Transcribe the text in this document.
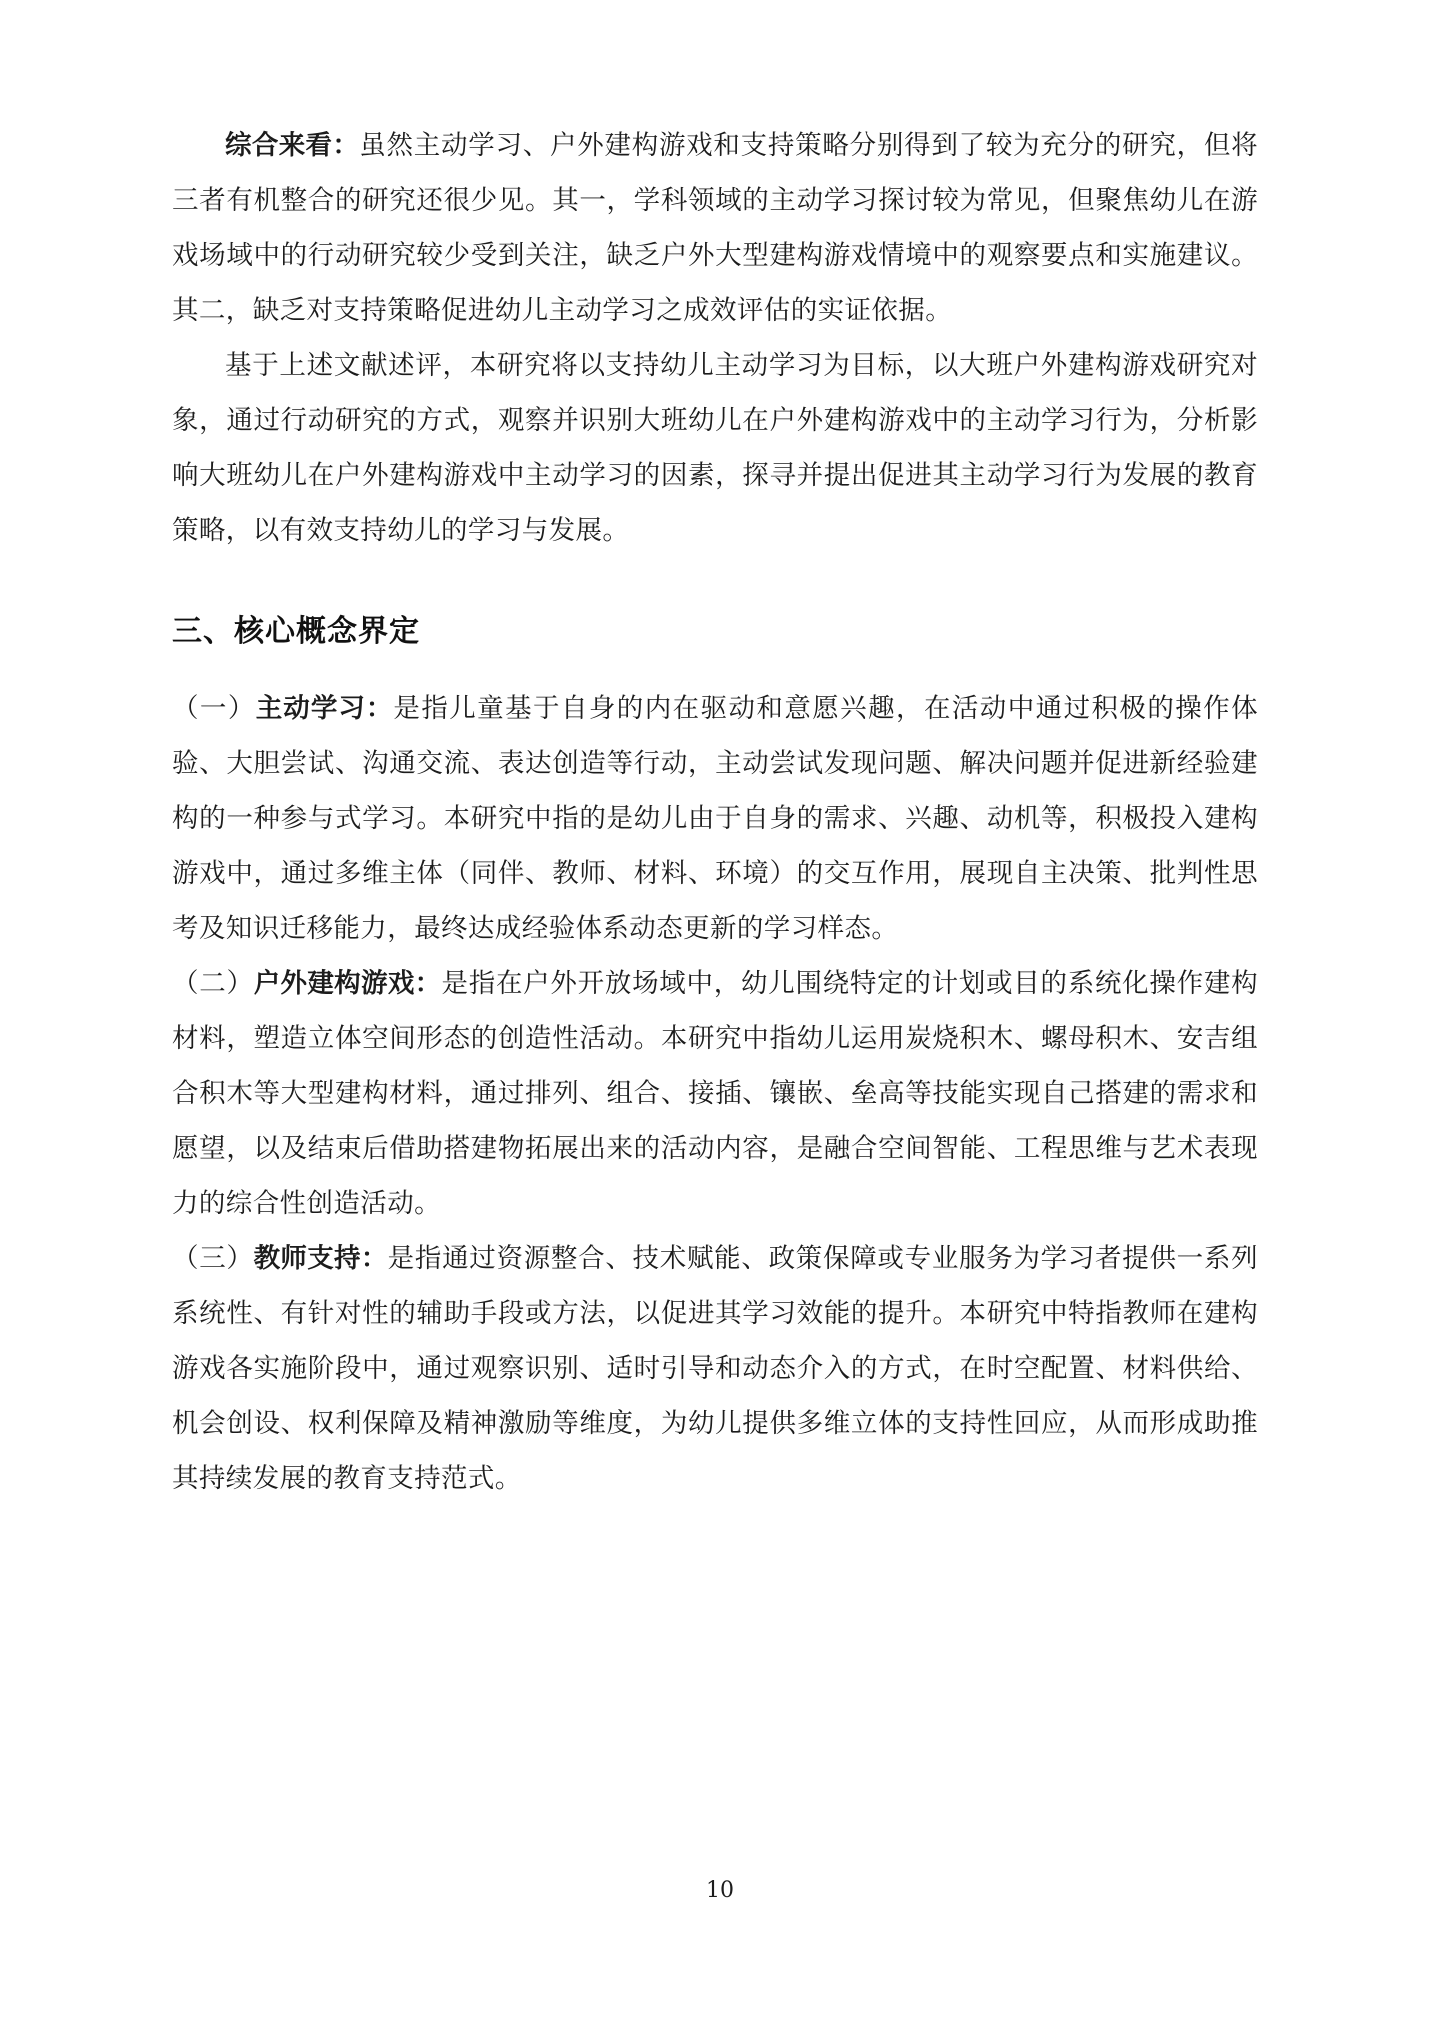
综合来看：虽然主动学习、户外建构游戏和支持策略分别得到了较为充分的研究，但将三者有机整合的研究还很少见。其一，学科领域的主动学习探讨较为常见，但聚焦幼儿在游戏场域中的行动研究较少受到关注，缺乏户外大型建构游戏情境中的观察要点和实施建议。其二，缺乏对支持策略促进幼儿主动学习之成效评估的实证依据。

基于上述文献述评，本研究将以支持幼儿主动学习为目标，以大班户外建构游戏研究对象，通过行动研究的方式，观察并识别大班幼儿在户外建构游戏中的主动学习行为，分析影响大班幼儿在户外建构游戏中主动学习的因素，探寻并提出促进其主动学习行为发展的教育策略，以有效支持幼儿的学习与发展。

三、核心概念界定

（一）主动学习：是指儿童基于自身的内在驱动和意愿兴趣，在活动中通过积极的操作体验、大胆尝试、沟通交流、表达创造等行动，主动尝试发现问题、解决问题并促进新经验建构的一种参与式学习。本研究中指的是幼儿由于自身的需求、兴趣、动机等，积极投入建构游戏中，通过多维主体（同伴、教师、材料、环境）的交互作用，展现自主决策、批判性思考及知识迁移能力，最终达成经验体系动态更新的学习样态。

（二）户外建构游戏：是指在户外开放场域中，幼儿围绕特定的计划或目的系统化操作建构材料，塑造立体空间形态的创造性活动。本研究中指幼儿运用炭烧积木、螺母积木、安吉组合积木等大型建构材料，通过排列、组合、接插、镶嵌、垒高等技能实现自己搭建的需求和愿望，以及结束后借助搭建物拓展出来的活动内容，是融合空间智能、工程思维与艺术表现力的综合性创造活动。

（三）教师支持：是指通过资源整合、技术赋能、政策保障或专业服务为学习者提供一系列系统性、有针对性的辅助手段或方法，以促进其学习效能的提升。本研究中特指教师在建构游戏各实施阶段中，通过观察识别、适时引导和动态介入的方式，在时空配置、材料供给、机会创设、权利保障及精神激励等维度，为幼儿提供多维立体的支持性回应，从而形成助推其持续发展的教育支持范式。

10
